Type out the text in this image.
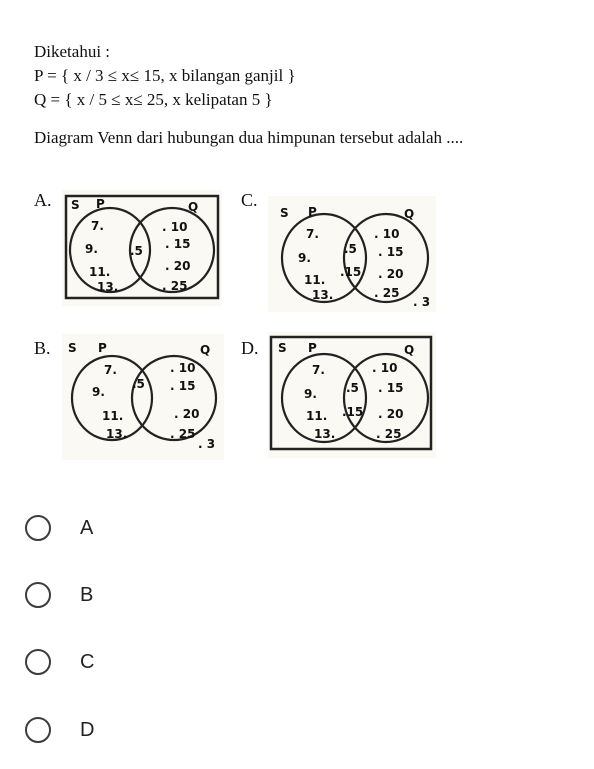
Diketahui :
P = { x / 3 ≤ x≤ 15, x bilangan ganjil }
Q = { x / 5 ≤ x≤ 25, x kelipatan 5 }
Diagram Venn dari hubungan dua himpunan tersebut adalah ....
A. S P	Q
7.
9.
11.
13.
.5
. 10
. 15
. 20
. 25
C.
S P	Q
7.
9.
11.
13.
.5
.15
. 10
. 15
. 20
. 25
. 3
B. S P	Q
7.
9.
11.
13.
.5
. 10
. 15
. 20
. 25
. 3
D. S P	Q
7.
9.
11.
13.
.5
.15
. 10
. 15
. 20
. 25
A
B
C
D
